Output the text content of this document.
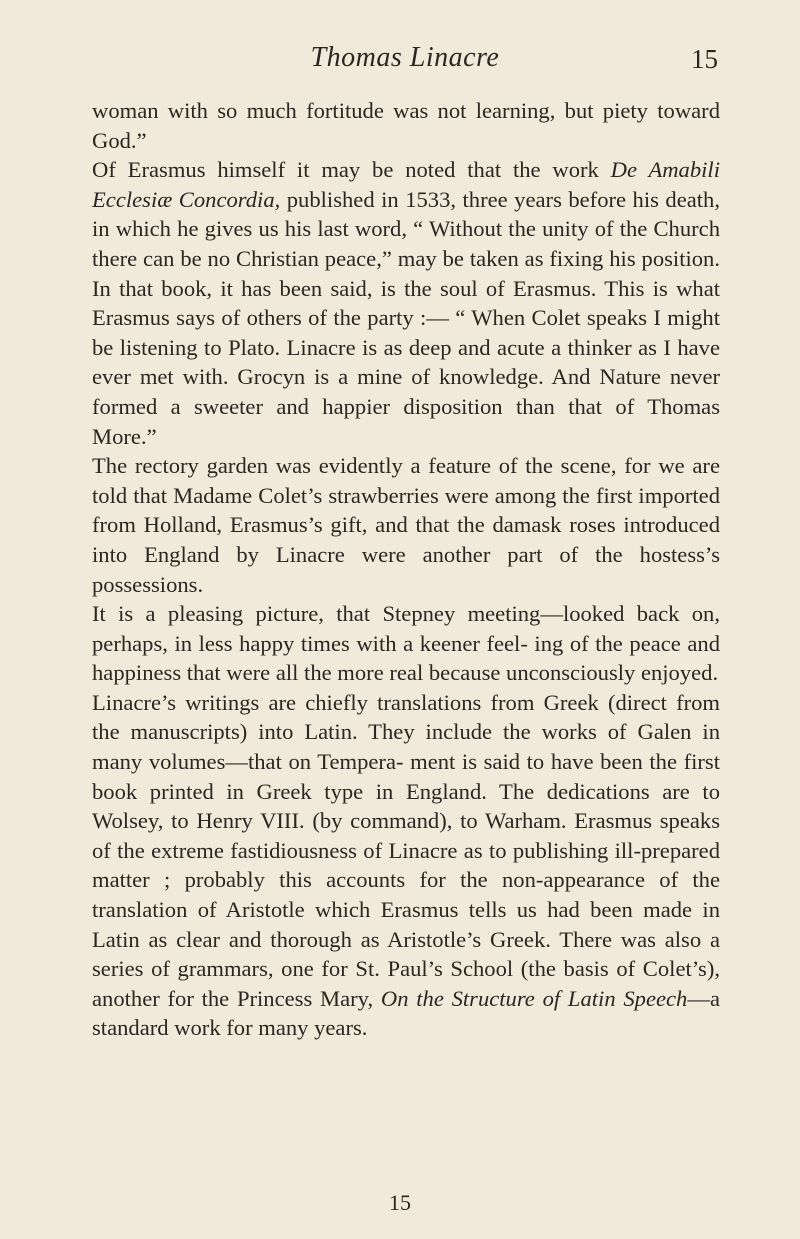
Thomas Linacre	15

woman with so much fortitude was not learning, but piety toward God.”

Of Erasmus himself it may be noted that the work De Amabili Ecclesiæ Concordia, published in 1533, three years before his death, in which he gives us his last word, “ Without the unity of the Church there can be no Christian peace,” may be taken as fixing his position. In that book, it has been said, is the soul of Erasmus. This is what Erasmus says of others of the party :— “ When Colet speaks I might be listening to Plato. Linacre is as deep and acute a thinker as I have ever met with. Grocyn is a mine of knowledge. And Nature never formed a sweeter and happier disposition than that of Thomas More.”

The rectory garden was evidently a feature of the scene, for we are told that Madame Colet’s strawberries were among the first imported from Holland, Erasmus’s gift, and that the damask roses introduced into England by Linacre were another part of the hostess’s possessions.

It is a pleasing picture, that Stepney meeting—looked back on, perhaps, in less happy times with a keener feel- ing of the peace and happiness that were all the more real because unconsciously enjoyed.

Linacre’s writings are chiefly translations from Greek (direct from the manuscripts) into Latin. They include the works of Galen in many volumes—that on Tempera- ment is said to have been the first book printed in Greek type in England. The dedications are to Wolsey, to Henry VIII. (by command), to Warham. Erasmus speaks of the extreme fastidiousness of Linacre as to publishing ill-prepared matter ; probably this accounts for the non-appearance of the translation of Aristotle which Erasmus tells us had been made in Latin as clear and thorough as Aristotle’s Greek. There was also a series of grammars, one for St. Paul’s School (the basis of Colet’s), another for the Princess Mary, On the Structure of Latin Speech—a standard work for many years.

15
